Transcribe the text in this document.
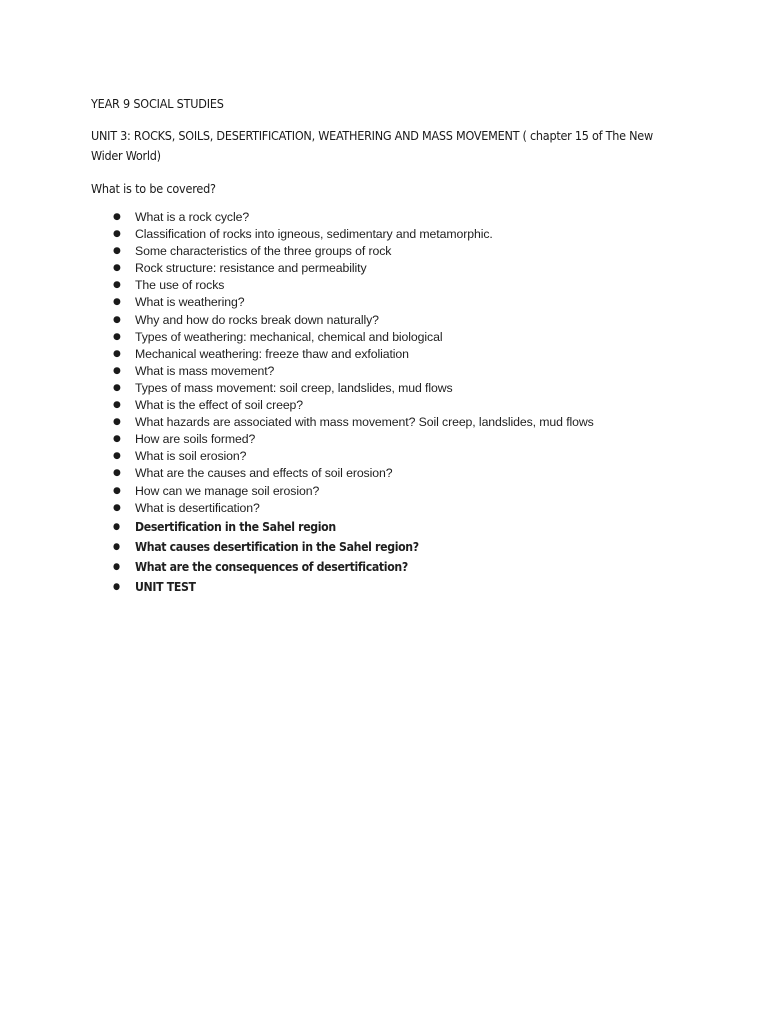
YEAR 9 SOCIAL STUDIES

UNIT 3: ROCKS, SOILS, DESERTIFICATION, WEATHERING AND MASS MOVEMENT ( chapter 15 of The New Wider World)

What is to be covered?

● What is a rock cycle?
● Classification of rocks into igneous, sedimentary and metamorphic.
● Some characteristics of the three groups of rock
● Rock structure: resistance and permeability
● The use of rocks
● What is weathering?
● Why and how do rocks break down naturally?
● Types of weathering: mechanical, chemical and biological
● Mechanical weathering: freeze thaw and exfoliation
● What is mass movement?
● Types of mass movement: soil creep, landslides, mud flows
● What is the effect of soil creep?
● What hazards are associated with mass movement? Soil creep, landslides, mud flows
● How are soils formed?
● What is soil erosion?
● What are the causes and effects of soil erosion?
● How can we manage soil erosion?
● What is desertification?
● Desertification in the Sahel region
● What causes desertification in the Sahel region?
● What are the consequences of desertification?
● UNIT TEST
